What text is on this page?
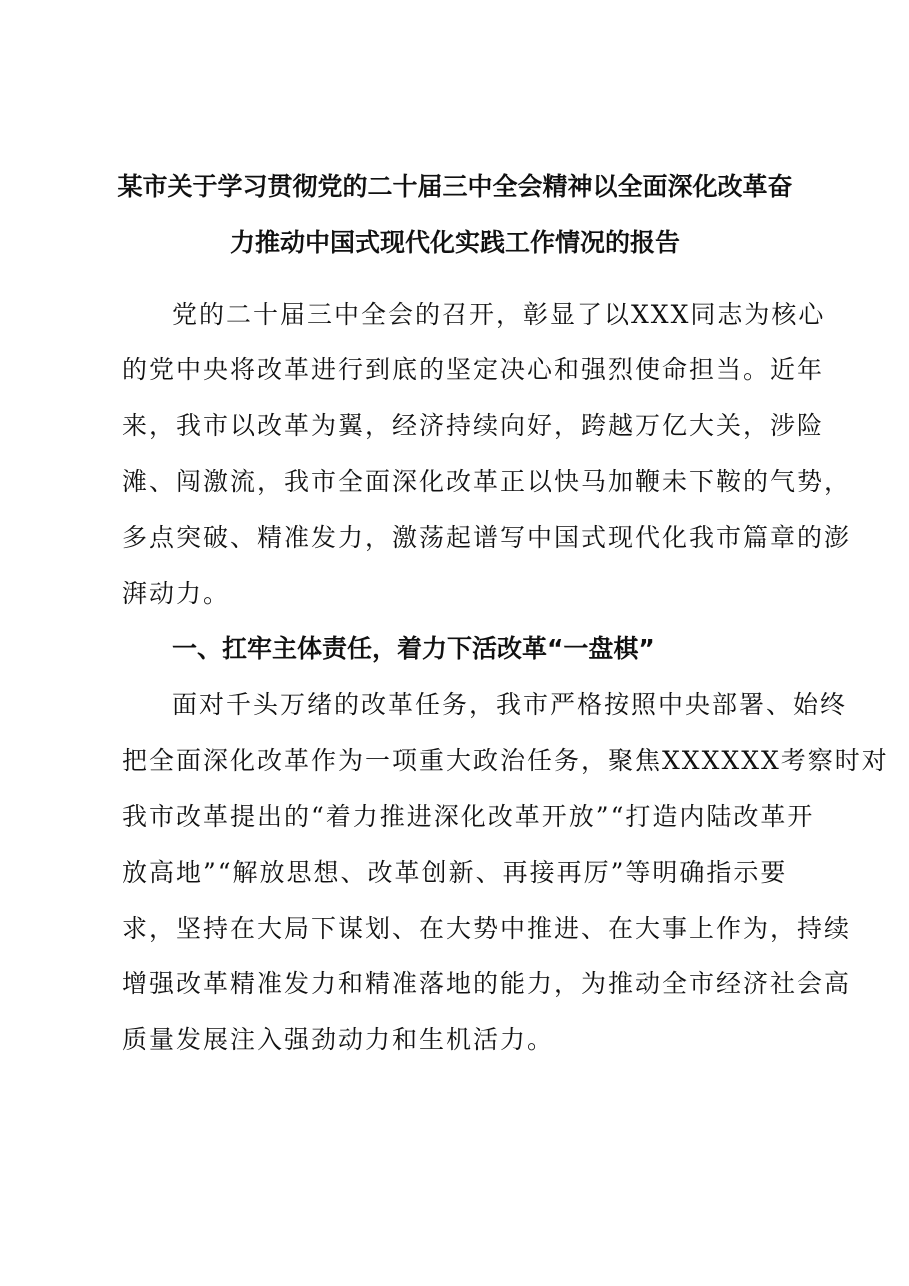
某市关于学习贯彻党的二十届三中全会精神以全面深化改革奋
力推动中国式现代化实践工作情况的报告
党的二十届三中全会的召开，彰显了以XXX同志为核心
的党中央将改革进行到底的坚定决心和强烈使命担当。近年
来，我市以改革为翼，经济持续向好，跨越万亿大关，涉险
滩、闯激流，我市全面深化改革正以快马加鞭未下鞍的气势，
多点突破、精准发力，激荡起谱写中国式现代化我市篇章的澎
湃动力。
一、扛牢主体责任，着力下活改革“一盘棋”
面对千头万绪的改革任务，我市严格按照中央部署、始终
把全面深化改革作为一项重大政治任务，聚焦XXXXXX考察时对
我市改革提出的“着力推进深化改革开放”“打造内陆改革开
放高地”“解放思想、改革创新、再接再厉”等明确指示要
求，坚持在大局下谋划、在大势中推进、在大事上作为，持续
增强改革精准发力和精准落地的能力，为推动全市经济社会高
质量发展注入强劲动力和生机活力。
